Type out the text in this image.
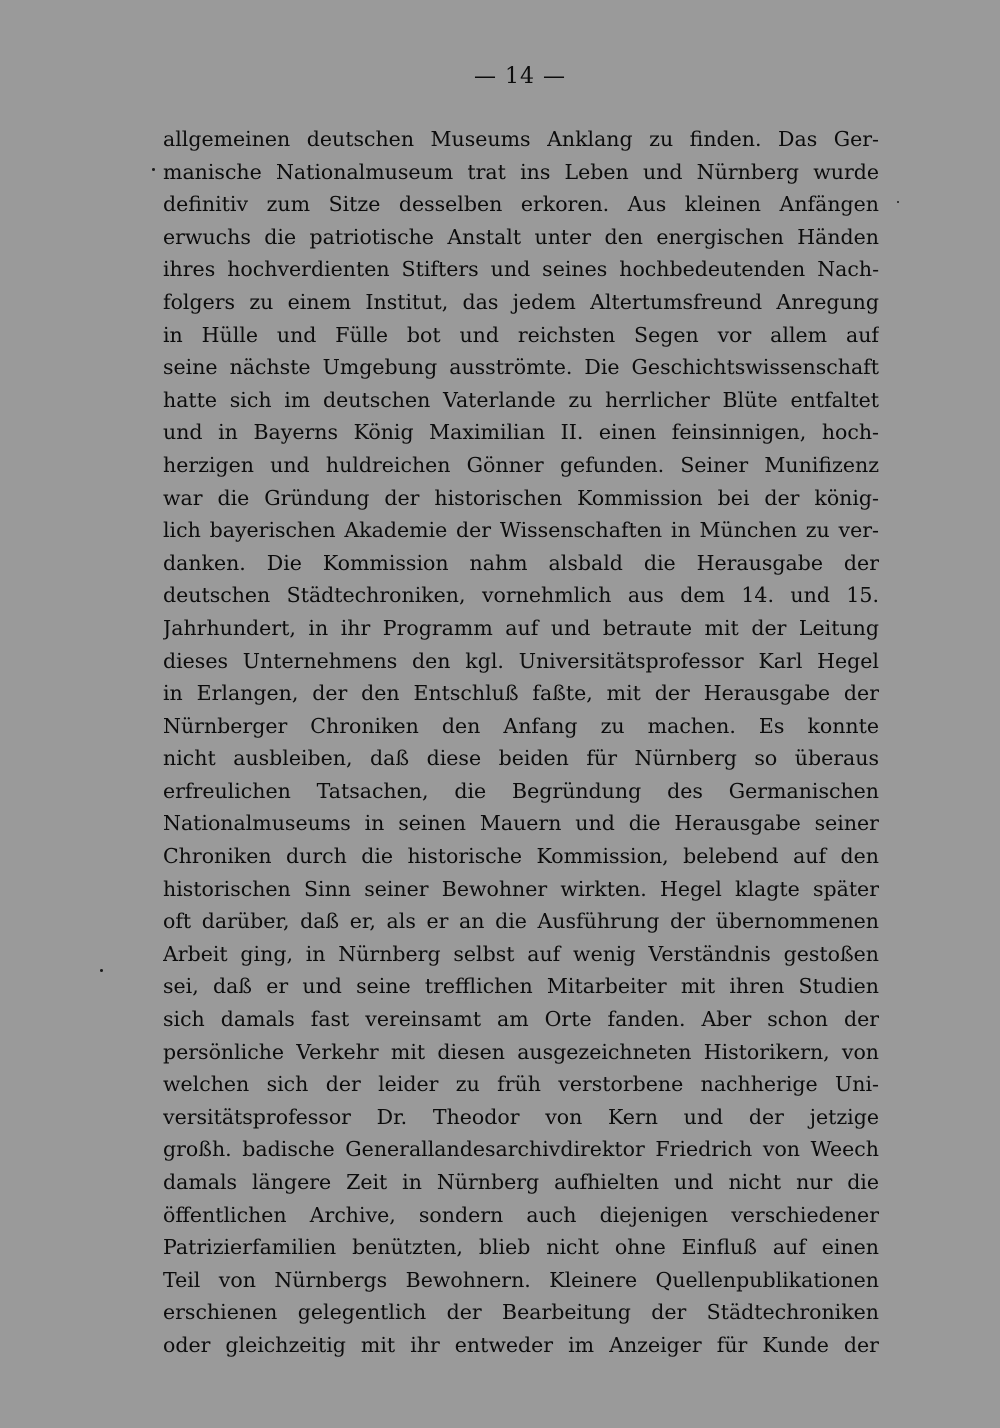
— 14 —
allgemeinen deutschen Museums Anklang zu finden. Das Ger-
manische Nationalmuseum trat ins Leben und Nürnberg wurde
definitiv zum Sitze desselben erkoren. Aus kleinen Anfängen
erwuchs die patriotische Anstalt unter den energischen Händen
ihres hochverdienten Stifters und seines hochbedeutenden Nach-
folgers zu einem Institut, das jedem Altertumsfreund Anregung
in Hülle und Fülle bot und reichsten Segen vor allem auf
seine nächste Umgebung ausströmte. Die Geschichtswissenschaft
hatte sich im deutschen Vaterlande zu herrlicher Blüte entfaltet
und in Bayerns König Maximilian II. einen feinsinnigen, hoch-
herzigen und huldreichen Gönner gefunden. Seiner Munifizenz
war die Gründung der historischen Kommission bei der könig-
lich bayerischen Akademie der Wissenschaften in München zu ver-
danken. Die Kommission nahm alsbald die Herausgabe der
deutschen Städtechroniken, vornehmlich aus dem 14. und 15.
Jahrhundert, in ihr Programm auf und betraute mit der Leitung
dieses Unternehmens den kgl. Universitätsprofessor Karl Hegel
in Erlangen, der den Entschluß faßte, mit der Herausgabe der
Nürnberger Chroniken den Anfang zu machen. Es konnte
nicht ausbleiben, daß diese beiden für Nürnberg so überaus
erfreulichen Tatsachen, die Begründung des Germanischen
Nationalmuseums in seinen Mauern und die Herausgabe seiner
Chroniken durch die historische Kommission, belebend auf den
historischen Sinn seiner Bewohner wirkten. Hegel klagte später
oft darüber, daß er, als er an die Ausführung der übernommenen
Arbeit ging, in Nürnberg selbst auf wenig Verständnis gestoßen
sei, daß er und seine trefflichen Mitarbeiter mit ihren Studien
sich damals fast vereinsamt am Orte fanden. Aber schon der
persönliche Verkehr mit diesen ausgezeichneten Historikern, von
welchen sich der leider zu früh verstorbene nachherige Uni-
versitätsprofessor Dr. Theodor von Kern und der jetzige
großh. badische Generallandesarchivdirektor Friedrich von Weech
damals längere Zeit in Nürnberg aufhielten und nicht nur die
öffentlichen Archive, sondern auch diejenigen verschiedener
Patrizierfamilien benützten, blieb nicht ohne Einfluß auf einen
Teil von Nürnbergs Bewohnern. Kleinere Quellenpublikationen
erschienen gelegentlich der Bearbeitung der Städtechroniken
oder gleichzeitig mit ihr entweder im Anzeiger für Kunde der
